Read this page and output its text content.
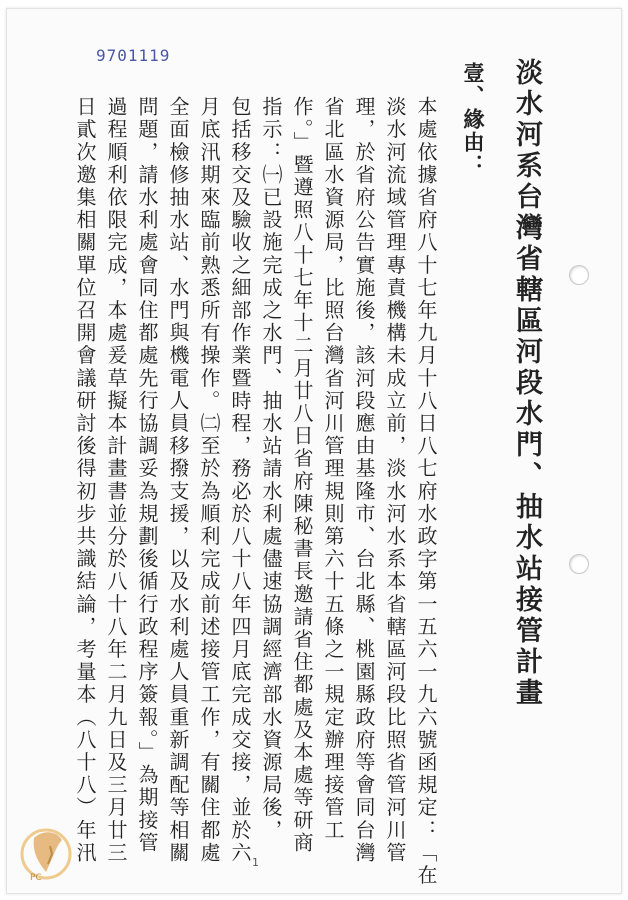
9701119
淡水河系台灣省轄區河段水門、抽水站接管計畫
壹、緣由：
本處依據省府八十七年九月十八日八七府水政字第一五六一九六號函規定：「在
淡水河流域管理專責機構未成立前，淡水河水系本省轄區河段比照省管河川管
理，於省府公告實施後，該河段應由基隆市、台北縣、桃園縣政府等會同台灣
省北區水資源局，比照台灣省河川管理規則第六十五條之一規定辦理接管工
作。」暨遵照八十七年十二月廿八日省府陳秘書長邀請省住都處及本處等研商
指示：㈠已設施完成之水門、抽水站請水利處儘速協調經濟部水資源局後，
包括移交及驗收之細部作業暨時程，務必於八十八年四月底完成交接，並於六
月底汛期來臨前熟悉所有操作。㈡至於為順利完成前述接管工作，有關住都處
全面檢修抽水站、水門與機電人員移撥支援，以及水利處人員重新調配等相關
問題，請水利處會同住都處先行協調妥為規劃後循行政程序簽報。」為期接管
過程順利依限完成，本處爰草擬本計畫書並分於八十八年二月九日及三月廿三
日貳次邀集相關單位召開會議研討後得初步共識結論，考量本（八十八）年汛	1
PC
